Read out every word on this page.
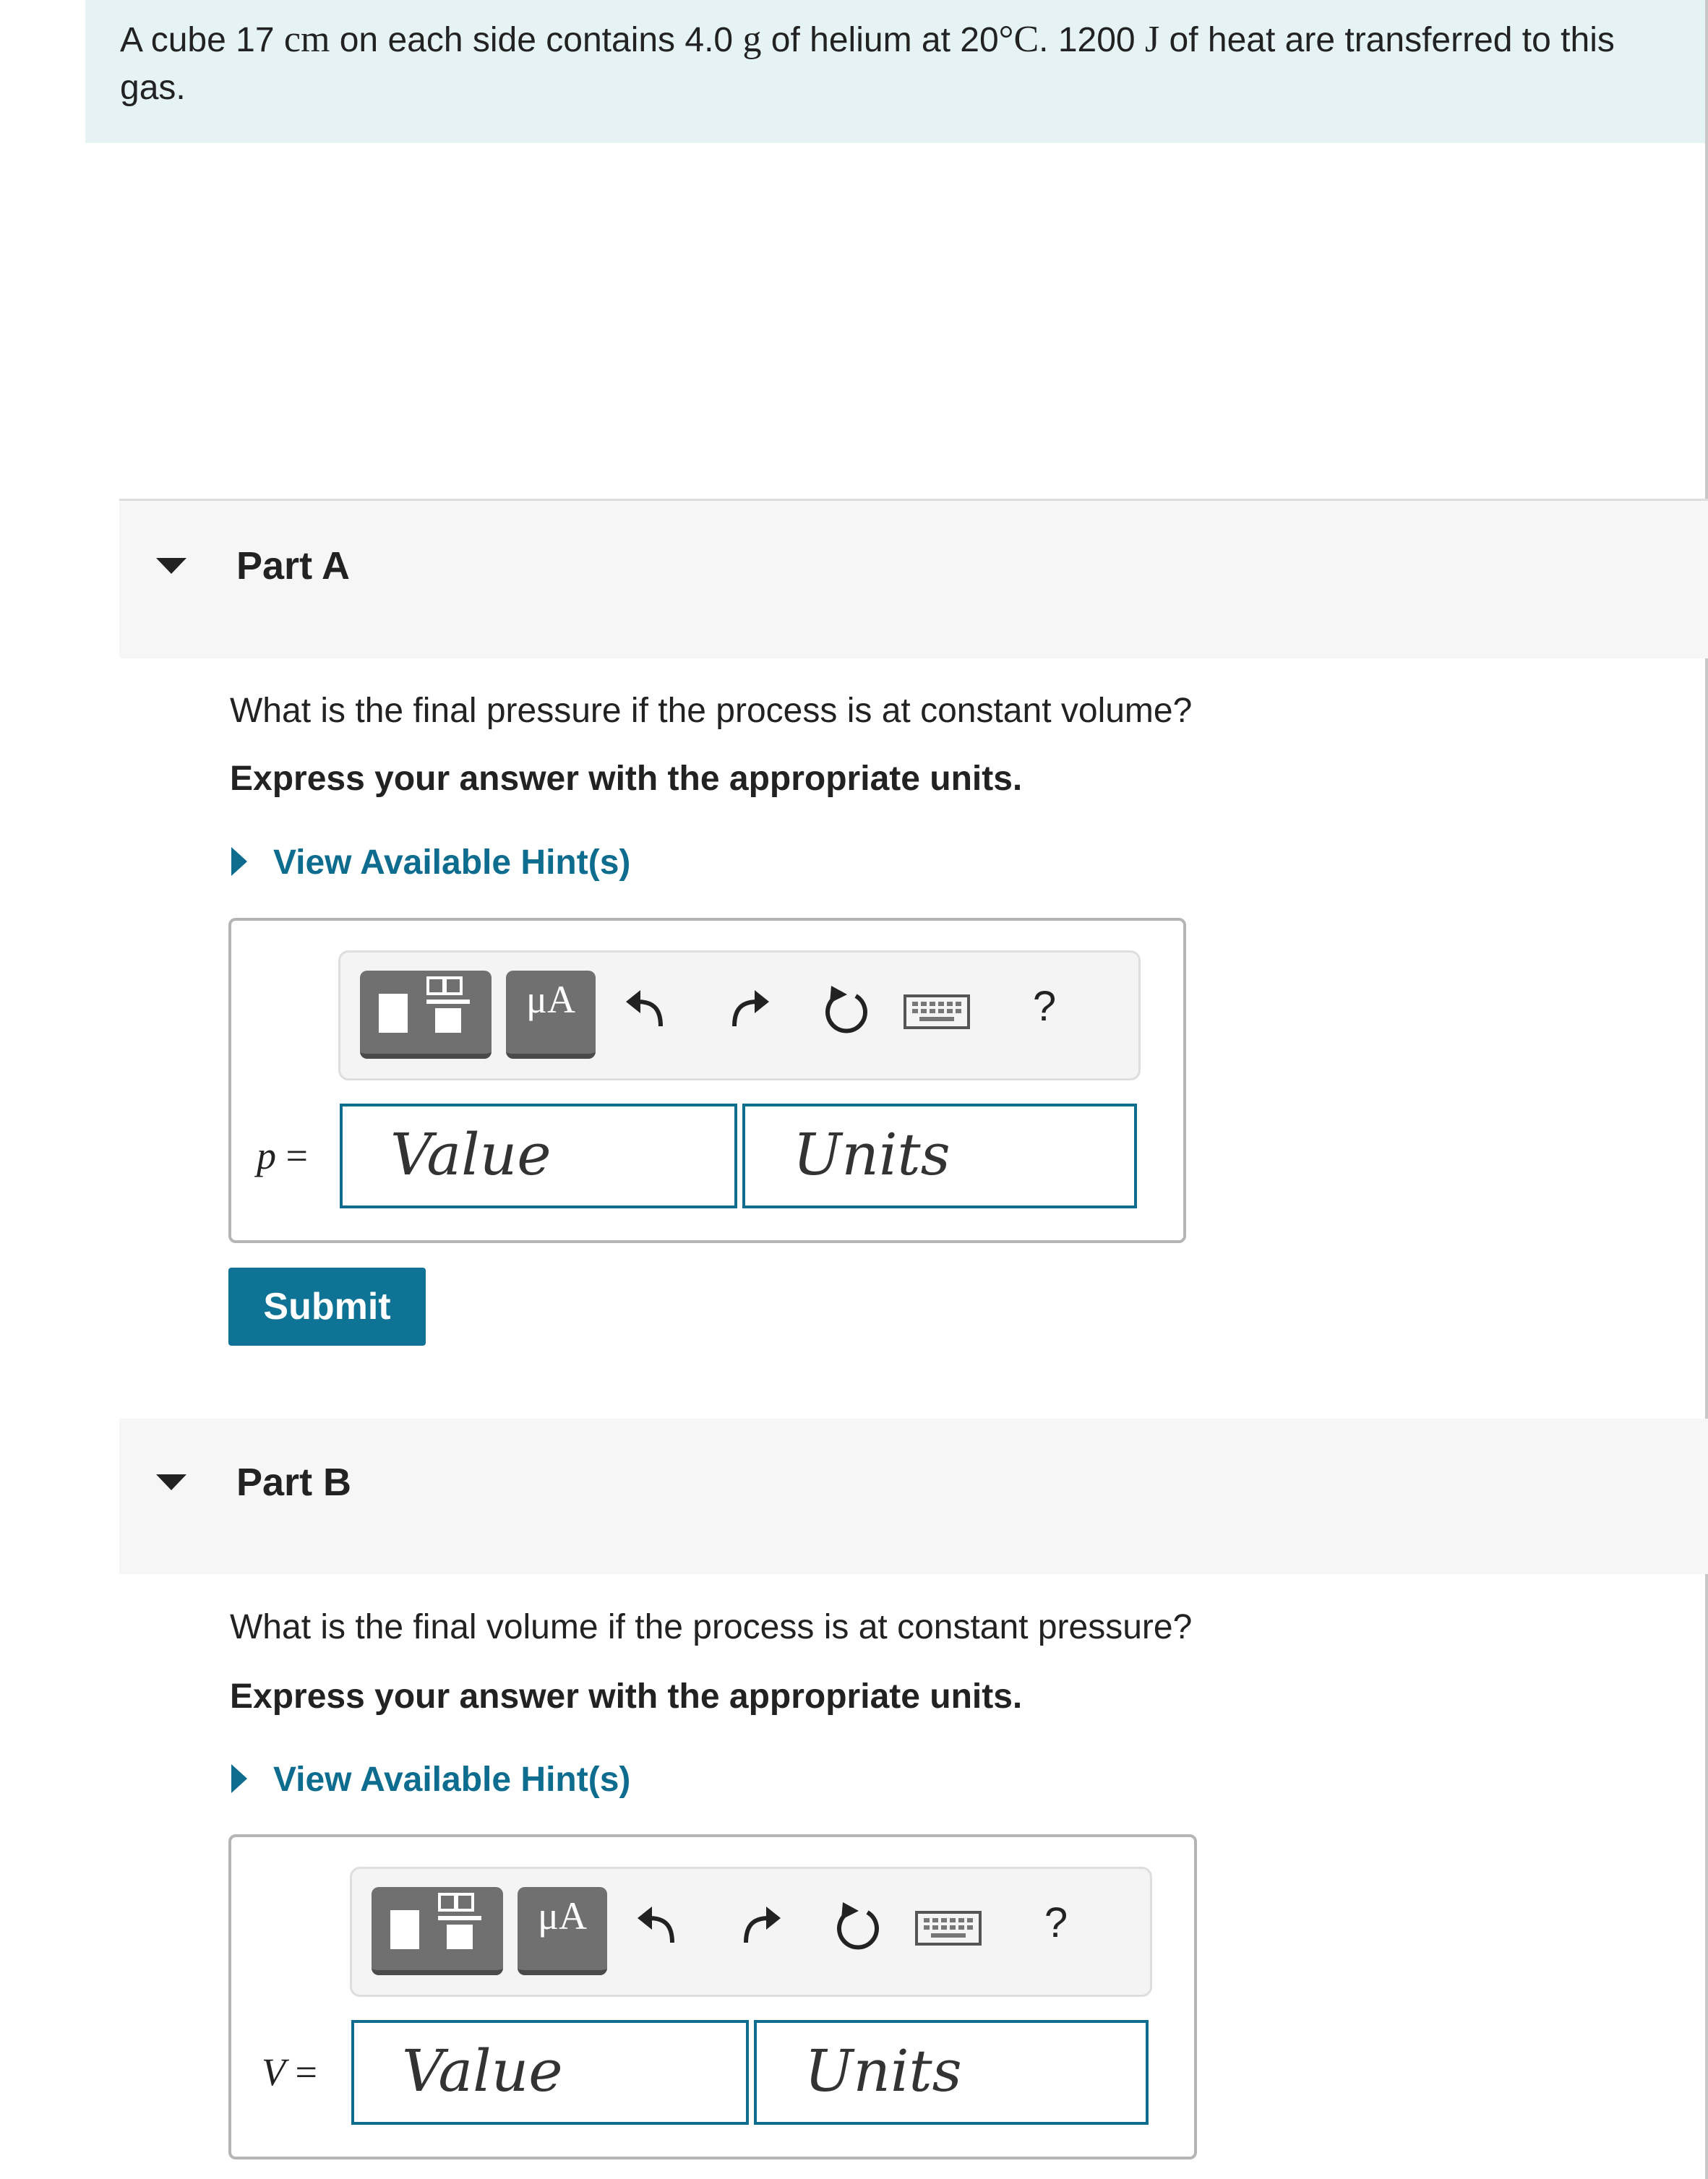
A cube 17 cm on each side contains 4.0 g of helium at 20°C. 1200 J of heat are transferred to this gas.
Part A
What is the final pressure if the process is at constant volume?
Express your answer with the appropriate units.
View Available Hint(s)
μA	?
p =	Value	Units
Submit
Part B
What is the final volume if the process is at constant pressure?
Express your answer with the appropriate units.
View Available Hint(s)
μA	?
V =	Value	Units
